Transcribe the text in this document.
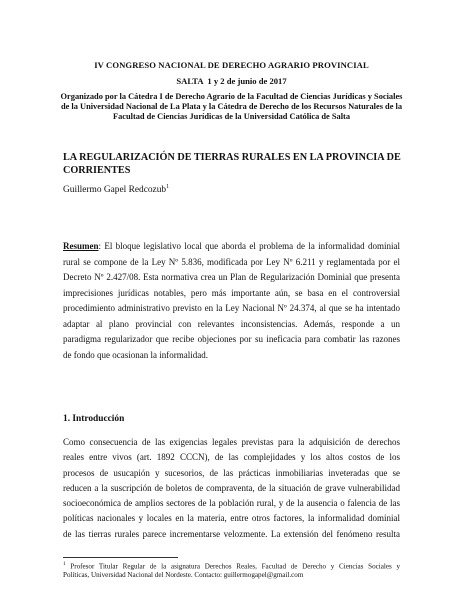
IV CONGRESO NACIONAL DE DERECHO AGRARIO PROVINCIAL
SALTA  1 y 2 de junio de 2017
Organizado por la Cátedra I de Derecho Agrario de la Facultad de Ciencias Jurídicas y Sociales
de la Universidad Nacional de La Plata y la Cátedra de Derecho de los Recursos Naturales de la
Facultad de Ciencias Jurídicas de la Universidad Católica de Salta
LA REGULARIZACIÓN DE TIERRAS RURALES EN LA PROVINCIA DE
CORRIENTES
Guillermo Gapel Redcozub$^1$
Resumen: El bloque legislativo local que aborda el problema de la informalidad dominial
rural se compone de la Ley Nº 5.836, modificada por Ley Nº 6.211 y reglamentada por el
Decreto Nº 2.427/08. Esta normativa crea un Plan de Regularización Dominial que presenta
imprecisiones jurídicas notables, pero más importante aún, se basa en el controversial
procedimiento administrativo previsto en la Ley Nacional Nº 24.374, al que se ha intentado
adaptar al plano provincial con relevantes inconsistencias. Además, responde a un
paradigma regularizador que recibe objeciones por su ineficacia para combatir las razones
de fondo que ocasionan la informalidad.
1. Introducción
Como consecuencia de las exigencias legales previstas para la adquisición de derechos
reales entre vivos (art. 1892 CCCN), de las complejidades y los altos costos de los
procesos de usucapión y sucesorios, de las prácticas inmobiliarias inveteradas que se
reducen a la suscripción de boletos de compraventa, de la situación de grave vulnerabilidad
socioeconómica de amplios sectores de la población rural, y de la ausencia o falencia de las
políticas nacionales y locales en la materia, entre otros factores, la informalidad dominial
de las tierras rurales parece incrementarse velozmente. La extensión del fenómeno resulta
$^1$ Profesor Titular Regular de la asignatura Derechos Reales, Facultad de Derecho y Ciencias Sociales y
Políticas, Universidad Nacional del Nordeste. Contacto: guillermogapel@gmail.com
